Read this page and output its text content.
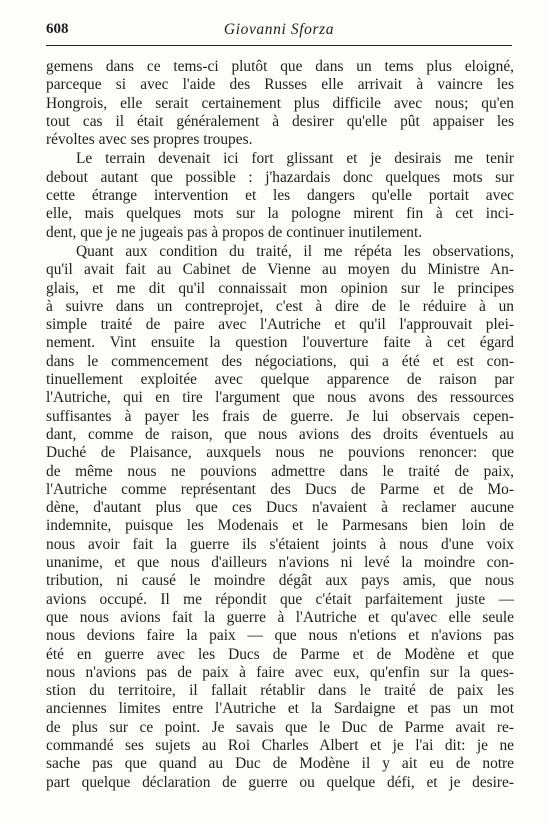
608	Giovanni Sforza
gemens dans ce tems-ci plutôt que dans un tems plus eloigné,
parceque si avec l'aide des Russes elle arrivait à vaincre les
Hongrois, elle serait certainement plus difficile avec nous; qu'en
tout cas il était généralement à desirer qu'elle pût appaiser les
révoltes avec ses propres troupes.
Le terrain devenait ici fort glissant et je desirais me tenir
debout autant que possible : j'hazardais donc quelques mots sur
cette étrange intervention et les dangers qu'elle portait avec
elle, mais quelques mots sur la pologne mirent fin à cet inci-
dent, que je ne jugeais pas à propos de continuer inutilement.
Quant aux condition du traité, il me répéta les observations,
qu'il avait fait au Cabinet de Vienne au moyen du Ministre An-
glais, et me dit qu'il connaissait mon opinion sur le principes
à suivre dans un contreprojet, c'est à dire de le réduire à un
simple traité de paire avec l'Autriche et qu'il l'approuvait plei-
nement. Vint ensuite la question l'ouverture faite à cet égard
dans le commencement des négociations, qui a été et est con-
tinuellement exploitée avec quelque apparence de raison par
l'Autriche, qui en tire l'argument que nous avons des ressources
suffisantes à payer les frais de guerre. Je lui observais cepen-
dant, comme de raison, que nous avions des droits éventuels au
Duché de Plaisance, auxquels nous ne pouvions renoncer: que
de même nous ne pouvions admettre dans le traité de paix,
l'Autriche comme représentant des Ducs de Parme et de Mo-
dène, d'autant plus que ces Ducs n'avaient à reclamer aucune
indemnite, puisque les Modenais et le Parmesans bien loin de
nous avoir fait la guerre ils s'étaient joints à nous d'une voix
unanime, et que nous d'ailleurs n'avions ni levé la moindre con-
tribution, ni causé le moindre dégât aux pays amis, que nous
avions occupé. Il me répondit que c'était parfaitement juste —
que nous avions fait la guerre à l'Autriche et qu'avec elle seule
nous devions faire la paix — que nous n'etions et n'avions pas
été en guerre avec les Ducs de Parme et de Modène et que
nous n'avions pas de paix à faire avec eux, qu'enfin sur la ques-
stion du territoire, il fallait rétablir dans le traité de paix les
anciennes limites entre l'Autriche et la Sardaigne et pas un mot
de plus sur ce point. Je savais que le Duc de Parme avait re-
commandé ses sujets au Roi Charles Albert et je l'ai dit: je ne
sache pas que quand au Duc de Modène il y ait eu de notre
part quelque déclaration de guerre ou quelque défi, et je desire-
